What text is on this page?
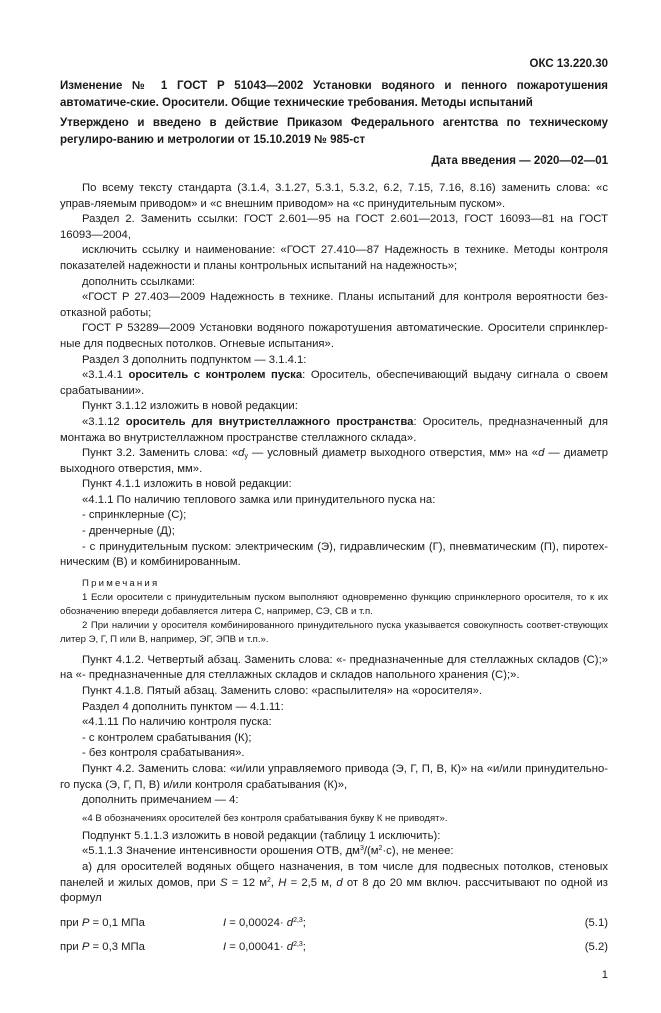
ОКС 13.220.30
Изменение № 1 ГОСТ Р 51043—2002 Установки водяного и пенного пожаротушения автоматиче-ские. Оросители. Общие технические требования. Методы испытаний
Утверждено и введено в действие Приказом Федерального агентства по техническому регулиро-ванию и метрологии от 15.10.2019 № 985-ст
Дата введения — 2020—02—01

По всему тексту стандарта (3.1.4, 3.1.27, 5.3.1, 5.3.2, 6.2, 7.15, 7.16, 8.16) заменить слова: «с управ-ляемым приводом» и «с внешним приводом» на «с принудительным пуском».

Раздел 2. Заменить ссылки: ГОСТ 2.601—95 на ГОСТ 2.601—2013, ГОСТ 16093—81 на ГОСТ 16093—2004,

исключить ссылку и наименование: «ГОСТ 27.410—87 Надежность в технике. Методы контроля показателей надежности и планы контрольных испытаний на надежность»;

дополнить ссылками:

«ГОСТ Р 27.403—2009 Надежность в технике. Планы испытаний для контроля вероятности без-отказной работы;

ГОСТ Р 53289—2009 Установки водяного пожаротушения автоматические. Оросители спринклер-ные для подвесных потолков. Огневые испытания».

Раздел 3 дополнить подпунктом — 3.1.4.1:

«3.1.4.1 ороситель с контролем пуска: Ороситель, обеспечивающий выдачу сигнала о своем срабатывании».

Пункт 3.1.12 изложить в новой редакции:

«3.1.12 ороситель для внутристеллажного пространства: Ороситель, предназначенный для монтажа во внутристеллажном пространстве стеллажного склада».

Пункт 3.2. Заменить слова: «$d_y$ — условный диаметр выходного отверстия, мм» на «d — диаметр выходного отверстия, мм».

Пункт 4.1.1 изложить в новой редакции:

«4.1.1 По наличию теплового замка или принудительного пуска на:

- спринклерные (С);

- дренчерные (Д);

- с принудительным пуском: электрическим (Э), гидравлическим (Г), пневматическим (П), пиротех-ническим (В) и комбинированным.

Примечания

1 Если оросители с принудительным пуском выполняют одновременно функцию спринклерного оросителя, то к их обозначению впереди добавляется литера С, например, СЭ, СВ и т.п.

2 При наличии у оросителя комбинированного принудительного пуска указывается совокупность соответ-ствующих литер Э, Г, П или В, например, ЭГ, ЭПВ и т.п.».

Пункт 4.1.2. Четвертый абзац. Заменить слова: «- предназначенные для стеллажных складов (С);» на «- предназначенные для стеллажных складов и складов напольного хранения (С);».

Пункт 4.1.8. Пятый абзац. Заменить слово: «распылителя» на «оросителя».

Раздел 4 дополнить пунктом — 4.1.11:

«4.1.11 По наличию контроля пуска:

- с контролем срабатывания (К);

- без контроля срабатывания».

Пункт 4.2. Заменить слова: «и/или управляемого привода (Э, Г, П, В, К)» на «и/или принудительно-го пуска (Э, Г, П, В) и/или контроля срабатывания (К)»,

дополнить примечанием — 4:

«4 В обозначениях оросителей без контроля срабатывания букву К не приводят».

Подпункт 5.1.1.3 изложить в новой редакции (таблицу 1 исключить):

«5.1.1.3 Значение интенсивности орошения ОТВ, $дм^3/(м^2\cdot с)$, не менее:

а) для оросителей водяных общего назначения, в том числе для подвесных потолков, стеновых панелей и жилых домов, при S = 12 $м^2$, H = 2,5 м, d от 8 до 20 мм включ. рассчитывают по одной из формул

при P = 0,1 МПа	$I = 0,00024\cdot d^{2,3}$;	(5.1)
при P = 0,3 МПа	$I = 0,00041\cdot d^{2,3}$;	(5.2)
1
